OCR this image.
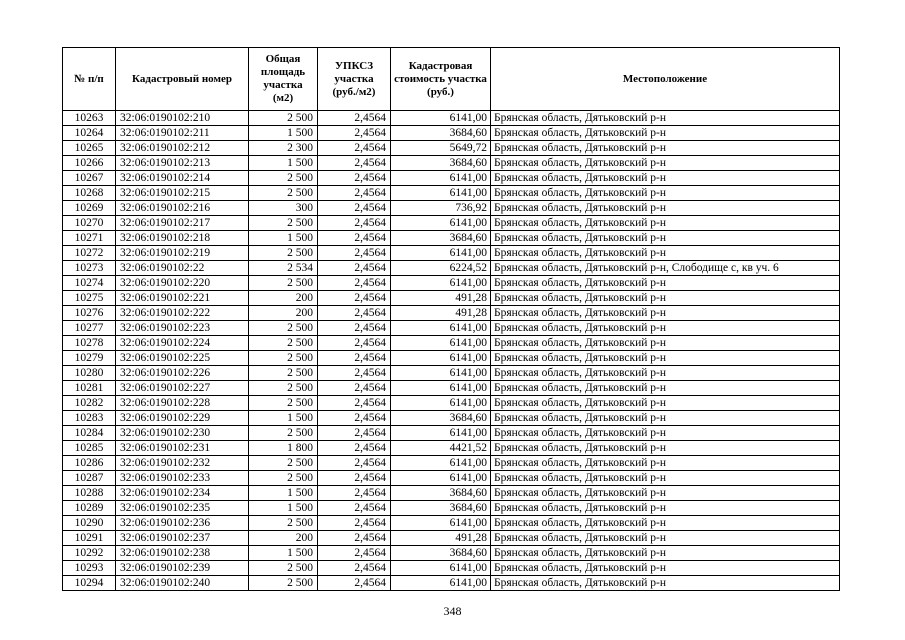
№ п/п	Кадастровый номер	Общая площадь участка (м2)	УПКСЗ участка (руб./м2)	Кадастровая стоимость участка (руб.)	Местоположение
10263	32:06:0190102:210	2 500	2,4564	6141,00	Брянская область, Дятьковский р-н
10264	32:06:0190102:211	1 500	2,4564	3684,60	Брянская область, Дятьковский р-н
10265	32:06:0190102:212	2 300	2,4564	5649,72	Брянская область, Дятьковский р-н
10266	32:06:0190102:213	1 500	2,4564	3684,60	Брянская область, Дятьковский р-н
10267	32:06:0190102:214	2 500	2,4564	6141,00	Брянская область, Дятьковский р-н
10268	32:06:0190102:215	2 500	2,4564	6141,00	Брянская область, Дятьковский р-н
10269	32:06:0190102:216	300	2,4564	736,92	Брянская область, Дятьковский р-н
10270	32:06:0190102:217	2 500	2,4564	6141,00	Брянская область, Дятьковский р-н
10271	32:06:0190102:218	1 500	2,4564	3684,60	Брянская область, Дятьковский р-н
10272	32:06:0190102:219	2 500	2,4564	6141,00	Брянская область, Дятьковский р-н
10273	32:06:0190102:22	2 534	2,4564	6224,52	Брянская область, Дятьковский р-н, Слободище с, кв уч. 6
10274	32:06:0190102:220	2 500	2,4564	6141,00	Брянская область, Дятьковский р-н
10275	32:06:0190102:221	200	2,4564	491,28	Брянская область, Дятьковский р-н
10276	32:06:0190102:222	200	2,4564	491,28	Брянская область, Дятьковский р-н
10277	32:06:0190102:223	2 500	2,4564	6141,00	Брянская область, Дятьковский р-н
10278	32:06:0190102:224	2 500	2,4564	6141,00	Брянская область, Дятьковский р-н
10279	32:06:0190102:225	2 500	2,4564	6141,00	Брянская область, Дятьковский р-н
10280	32:06:0190102:226	2 500	2,4564	6141,00	Брянская область, Дятьковский р-н
10281	32:06:0190102:227	2 500	2,4564	6141,00	Брянская область, Дятьковский р-н
10282	32:06:0190102:228	2 500	2,4564	6141,00	Брянская область, Дятьковский р-н
10283	32:06:0190102:229	1 500	2,4564	3684,60	Брянская область, Дятьковский р-н
10284	32:06:0190102:230	2 500	2,4564	6141,00	Брянская область, Дятьковский р-н
10285	32:06:0190102:231	1 800	2,4564	4421,52	Брянская область, Дятьковский р-н
10286	32:06:0190102:232	2 500	2,4564	6141,00	Брянская область, Дятьковский р-н
10287	32:06:0190102:233	2 500	2,4564	6141,00	Брянская область, Дятьковский р-н
10288	32:06:0190102:234	1 500	2,4564	3684,60	Брянская область, Дятьковский р-н
10289	32:06:0190102:235	1 500	2,4564	3684,60	Брянская область, Дятьковский р-н
10290	32:06:0190102:236	2 500	2,4564	6141,00	Брянская область, Дятьковский р-н
10291	32:06:0190102:237	200	2,4564	491,28	Брянская область, Дятьковский р-н
10292	32:06:0190102:238	1 500	2,4564	3684,60	Брянская область, Дятьковский р-н
10293	32:06:0190102:239	2 500	2,4564	6141,00	Брянская область, Дятьковский р-н
10294	32:06:0190102:240	2 500	2,4564	6141,00	Брянская область, Дятьковский р-н
348
